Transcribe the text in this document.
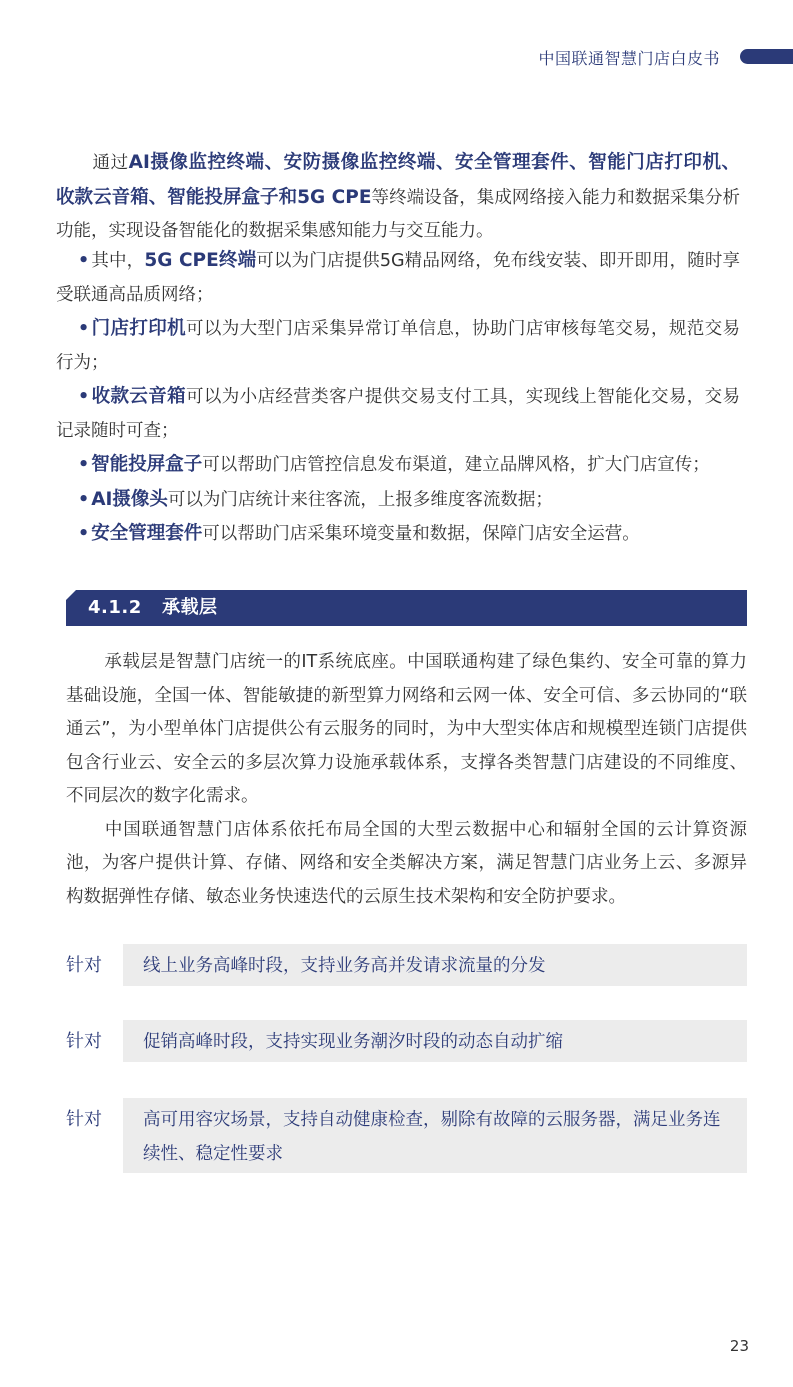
中国联通智慧门店白皮书
通过AI摄像监控终端、安防摄像监控终端、安全管理套件、智能门店打印机、收款云音箱、智能投屏盒子和5G CPE等终端设备，集成网络接入能力和数据采集分析功能，实现设备智能化的数据采集感知能力与交互能力。
• 其中，5G CPE终端可以为门店提供5G精品网络，免布线安装、即开即用，随时享受联通高品质网络；
• 门店打印机可以为大型门店采集异常订单信息，协助门店审核每笔交易，规范交易行为；
• 收款云音箱可以为小店经营类客户提供交易支付工具，实现线上智能化交易，交易记录随时可查；
• 智能投屏盒子可以帮助门店管控信息发布渠道，建立品牌风格，扩大门店宣传；
• AI摄像头可以为门店统计来往客流，上报多维度客流数据；
• 安全管理套件可以帮助门店采集环境变量和数据，保障门店安全运营。
4.1.2 承载层
承载层是智慧门店统一的IT系统底座。中国联通构建了绿色集约、安全可靠的算力基础设施，全国一体、智能敏捷的新型算力网络和云网一体、安全可信、多云协同的“联通云”，为小型单体门店提供公有云服务的同时，为中大型实体店和规模型连锁门店提供包含行业云、安全云的多层次算力设施承载体系，支撑各类智慧门店建设的不同维度、不同层次的数字化需求。
中国联通智慧门店体系依托布局全国的大型云数据中心和辐射全国的云计算资源池，为客户提供计算、存储、网络和安全类解决方案，满足智慧门店业务上云、多源异构数据弹性存储、敏态业务快速迭代的云原生技术架构和安全防护要求。
针对	线上业务高峰时段，支持业务高并发请求流量的分发
针对	促销高峰时段，支持实现业务潮汐时段的动态自动扩缩
针对	高可用容灾场景，支持自动健康检查，剔除有故障的云服务器，满足业务连续性、稳定性要求
23
